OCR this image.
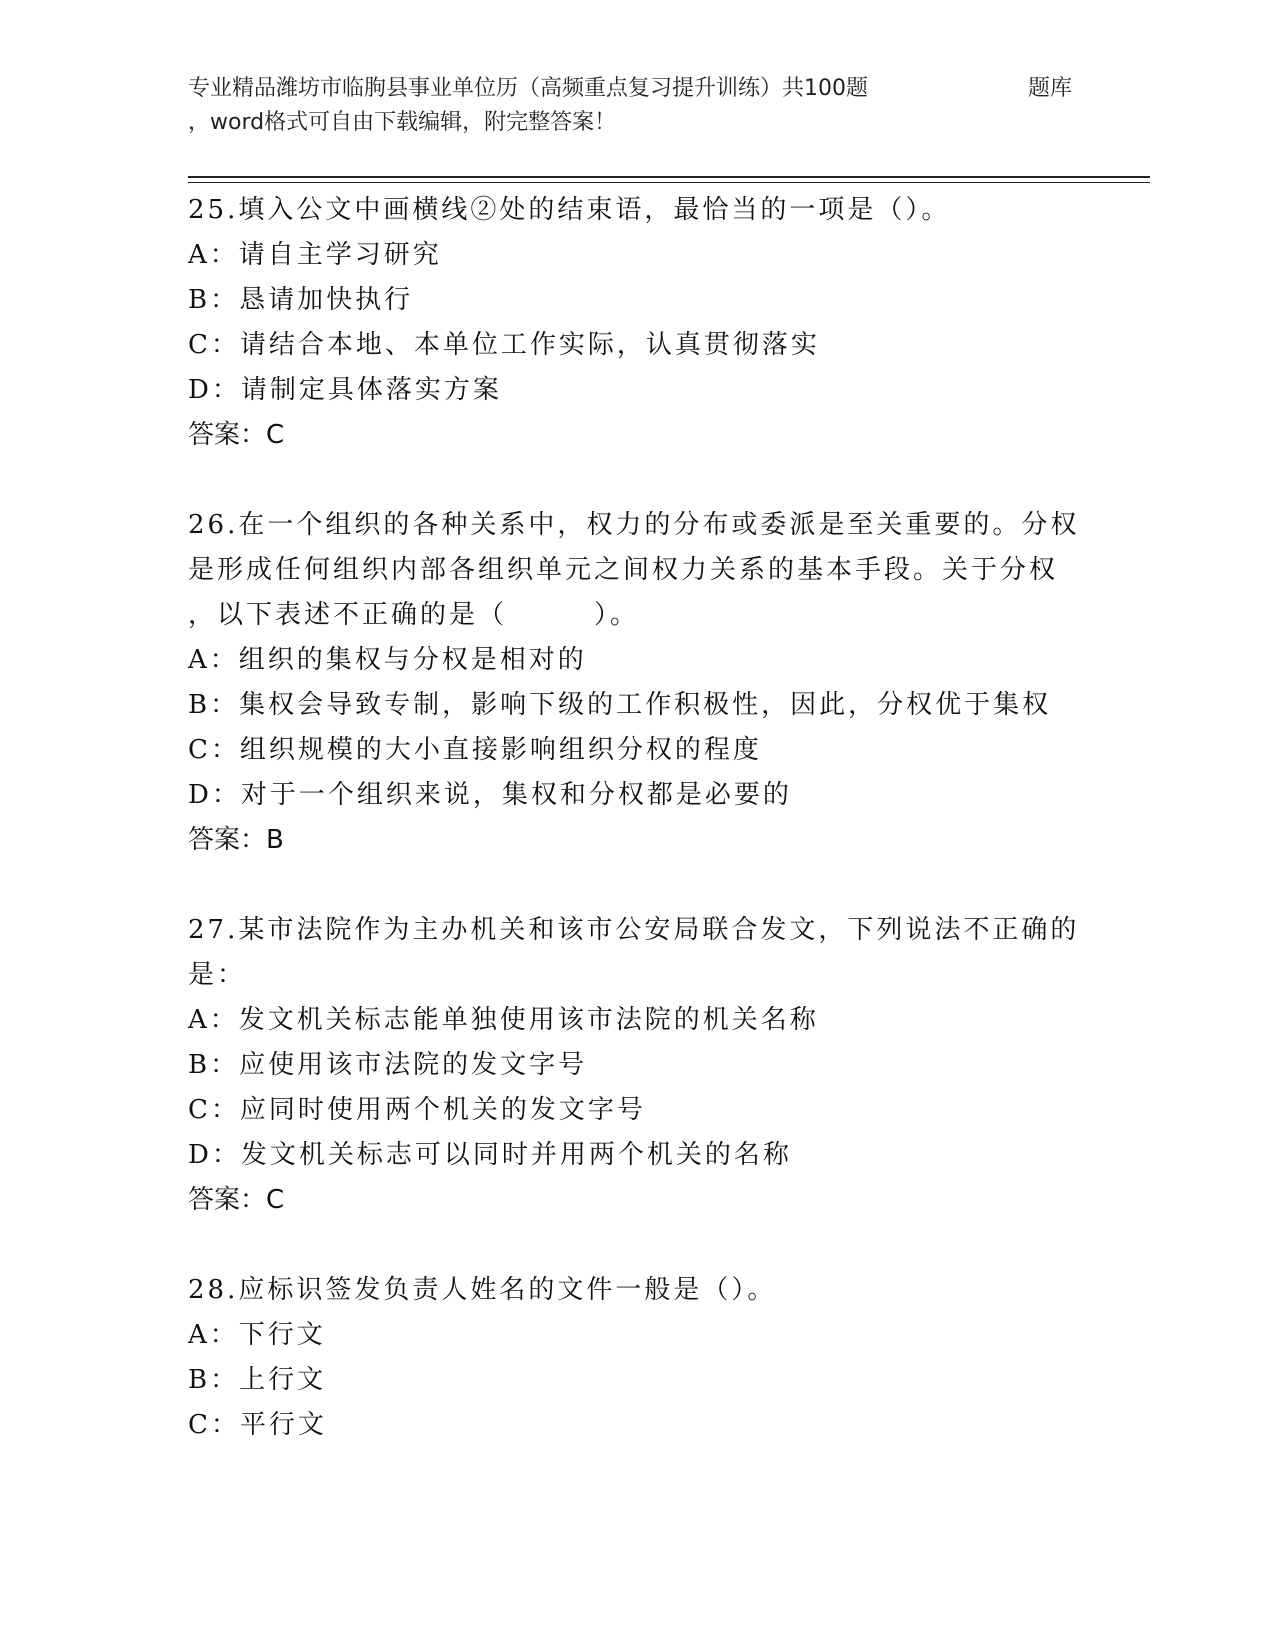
专业精品潍坊市临朐县事业单位历（高频重点复习提升训练）共100题	题库
，word格式可自由下载编辑，附完整答案！
25.填入公文中画横线②处的结束语，最恰当的一项是（）。
A：请自主学习研究
B：恳请加快执行
C：请结合本地、本单位工作实际，认真贯彻落实
D：请制定具体落实方案
答案：C
26.在一个组织的各种关系中，权力的分布或委派是至关重要的。分权
是形成任何组织内部各组织单元之间权力关系的基本手段。关于分权
，以下表述不正确的是（　　　）。
A：组织的集权与分权是相对的
B：集权会导致专制，影响下级的工作积极性，因此，分权优于集权
C：组织规模的大小直接影响组织分权的程度
D：对于一个组织来说，集权和分权都是必要的
答案：B
27.某市法院作为主办机关和该市公安局联合发文，下列说法不正确的
是：
A：发文机关标志能单独使用该市法院的机关名称
B：应使用该市法院的发文字号
C：应同时使用两个机关的发文字号
D：发文机关标志可以同时并用两个机关的名称
答案：C
28.应标识签发负责人姓名的文件一般是（）。
A：下行文
B：上行文
C：平行文
